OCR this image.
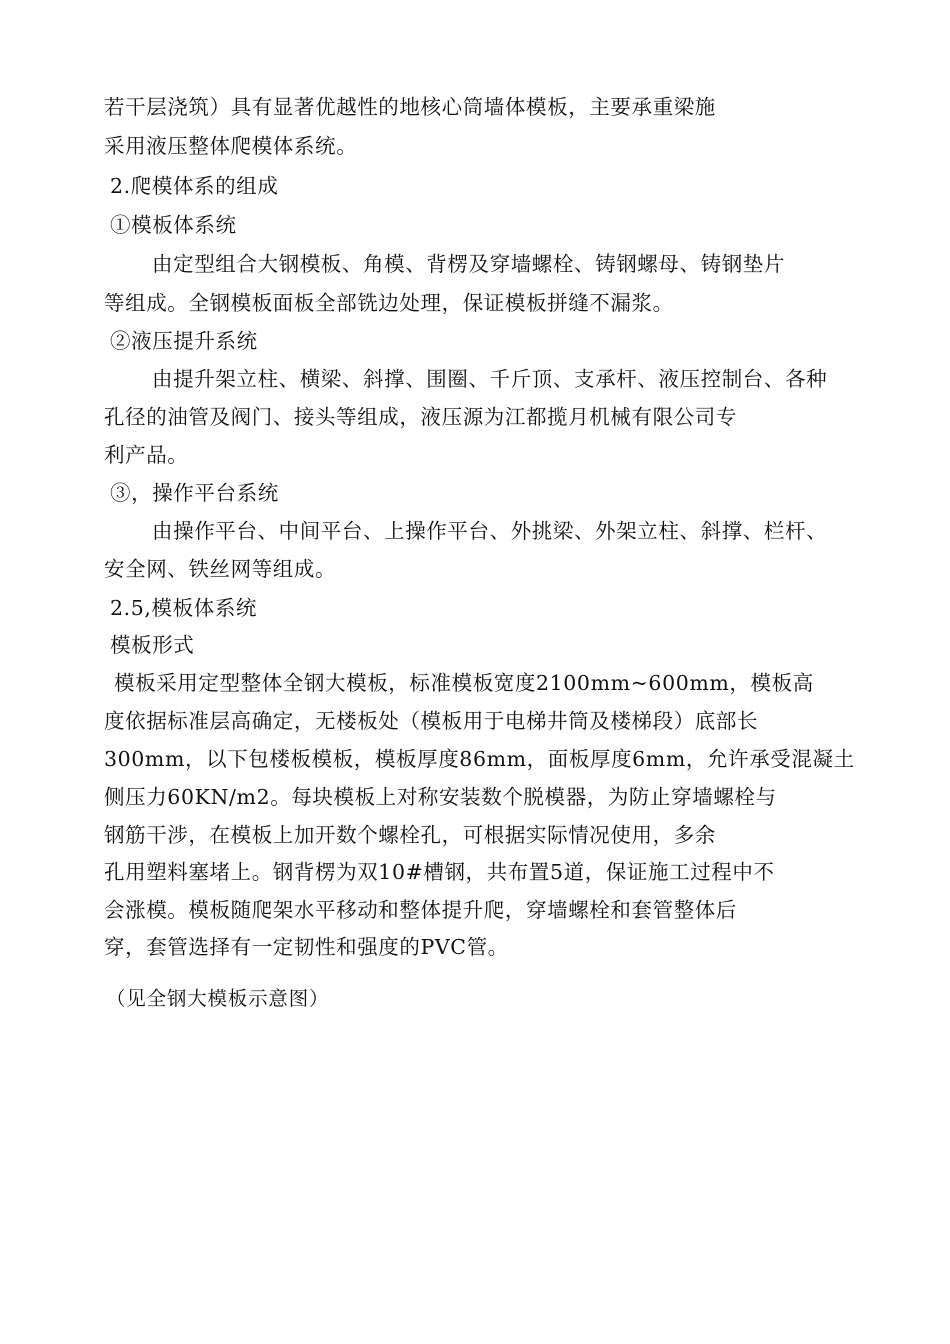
若干层浇筑）具有显著优越性的地核心筒墙体模板，主要承重梁施
采用液压整体爬模体系统。
2.爬模体系的组成
①模板体系统
由定型组合大钢模板、角模、背楞及穿墙螺栓、铸钢螺母、铸钢垫片
等组成。全钢模板面板全部铣边处理，保证模板拼缝不漏浆。
②液压提升系统
由提升架立柱、横梁、斜撑、围圈、千斤顶、支承杆、液压控制台、各种
孔径的油管及阀门、接头等组成，液压源为江都揽月机械有限公司专
利产品。
③，操作平台系统
由操作平台、中间平台、上操作平台、外挑梁、外架立柱、斜撑、栏杆、
安全网、铁丝网等组成。
2.5,模板体系统
模板形式
模板采用定型整体全钢大模板，标准模板宽度2100mm~600mm，模板高
度依据标准层高确定，无楼板处（模板用于电梯井筒及楼梯段）底部长
300mm，以下包楼板模板，模板厚度86mm，面板厚度6mm，允许承受混凝土
侧压力60KN/m2。每块模板上对称安装数个脱模器，为防止穿墙螺栓与
钢筋干涉，在模板上加开数个螺栓孔，可根据实际情况使用，多余
孔用塑料塞堵上。钢背楞为双10#槽钢，共布置5道，保证施工过程中不
会涨模。模板随爬架水平移动和整体提升爬，穿墙螺栓和套管整体后
穿，套管选择有一定韧性和强度的PVC管。
（见全钢大模板示意图）
